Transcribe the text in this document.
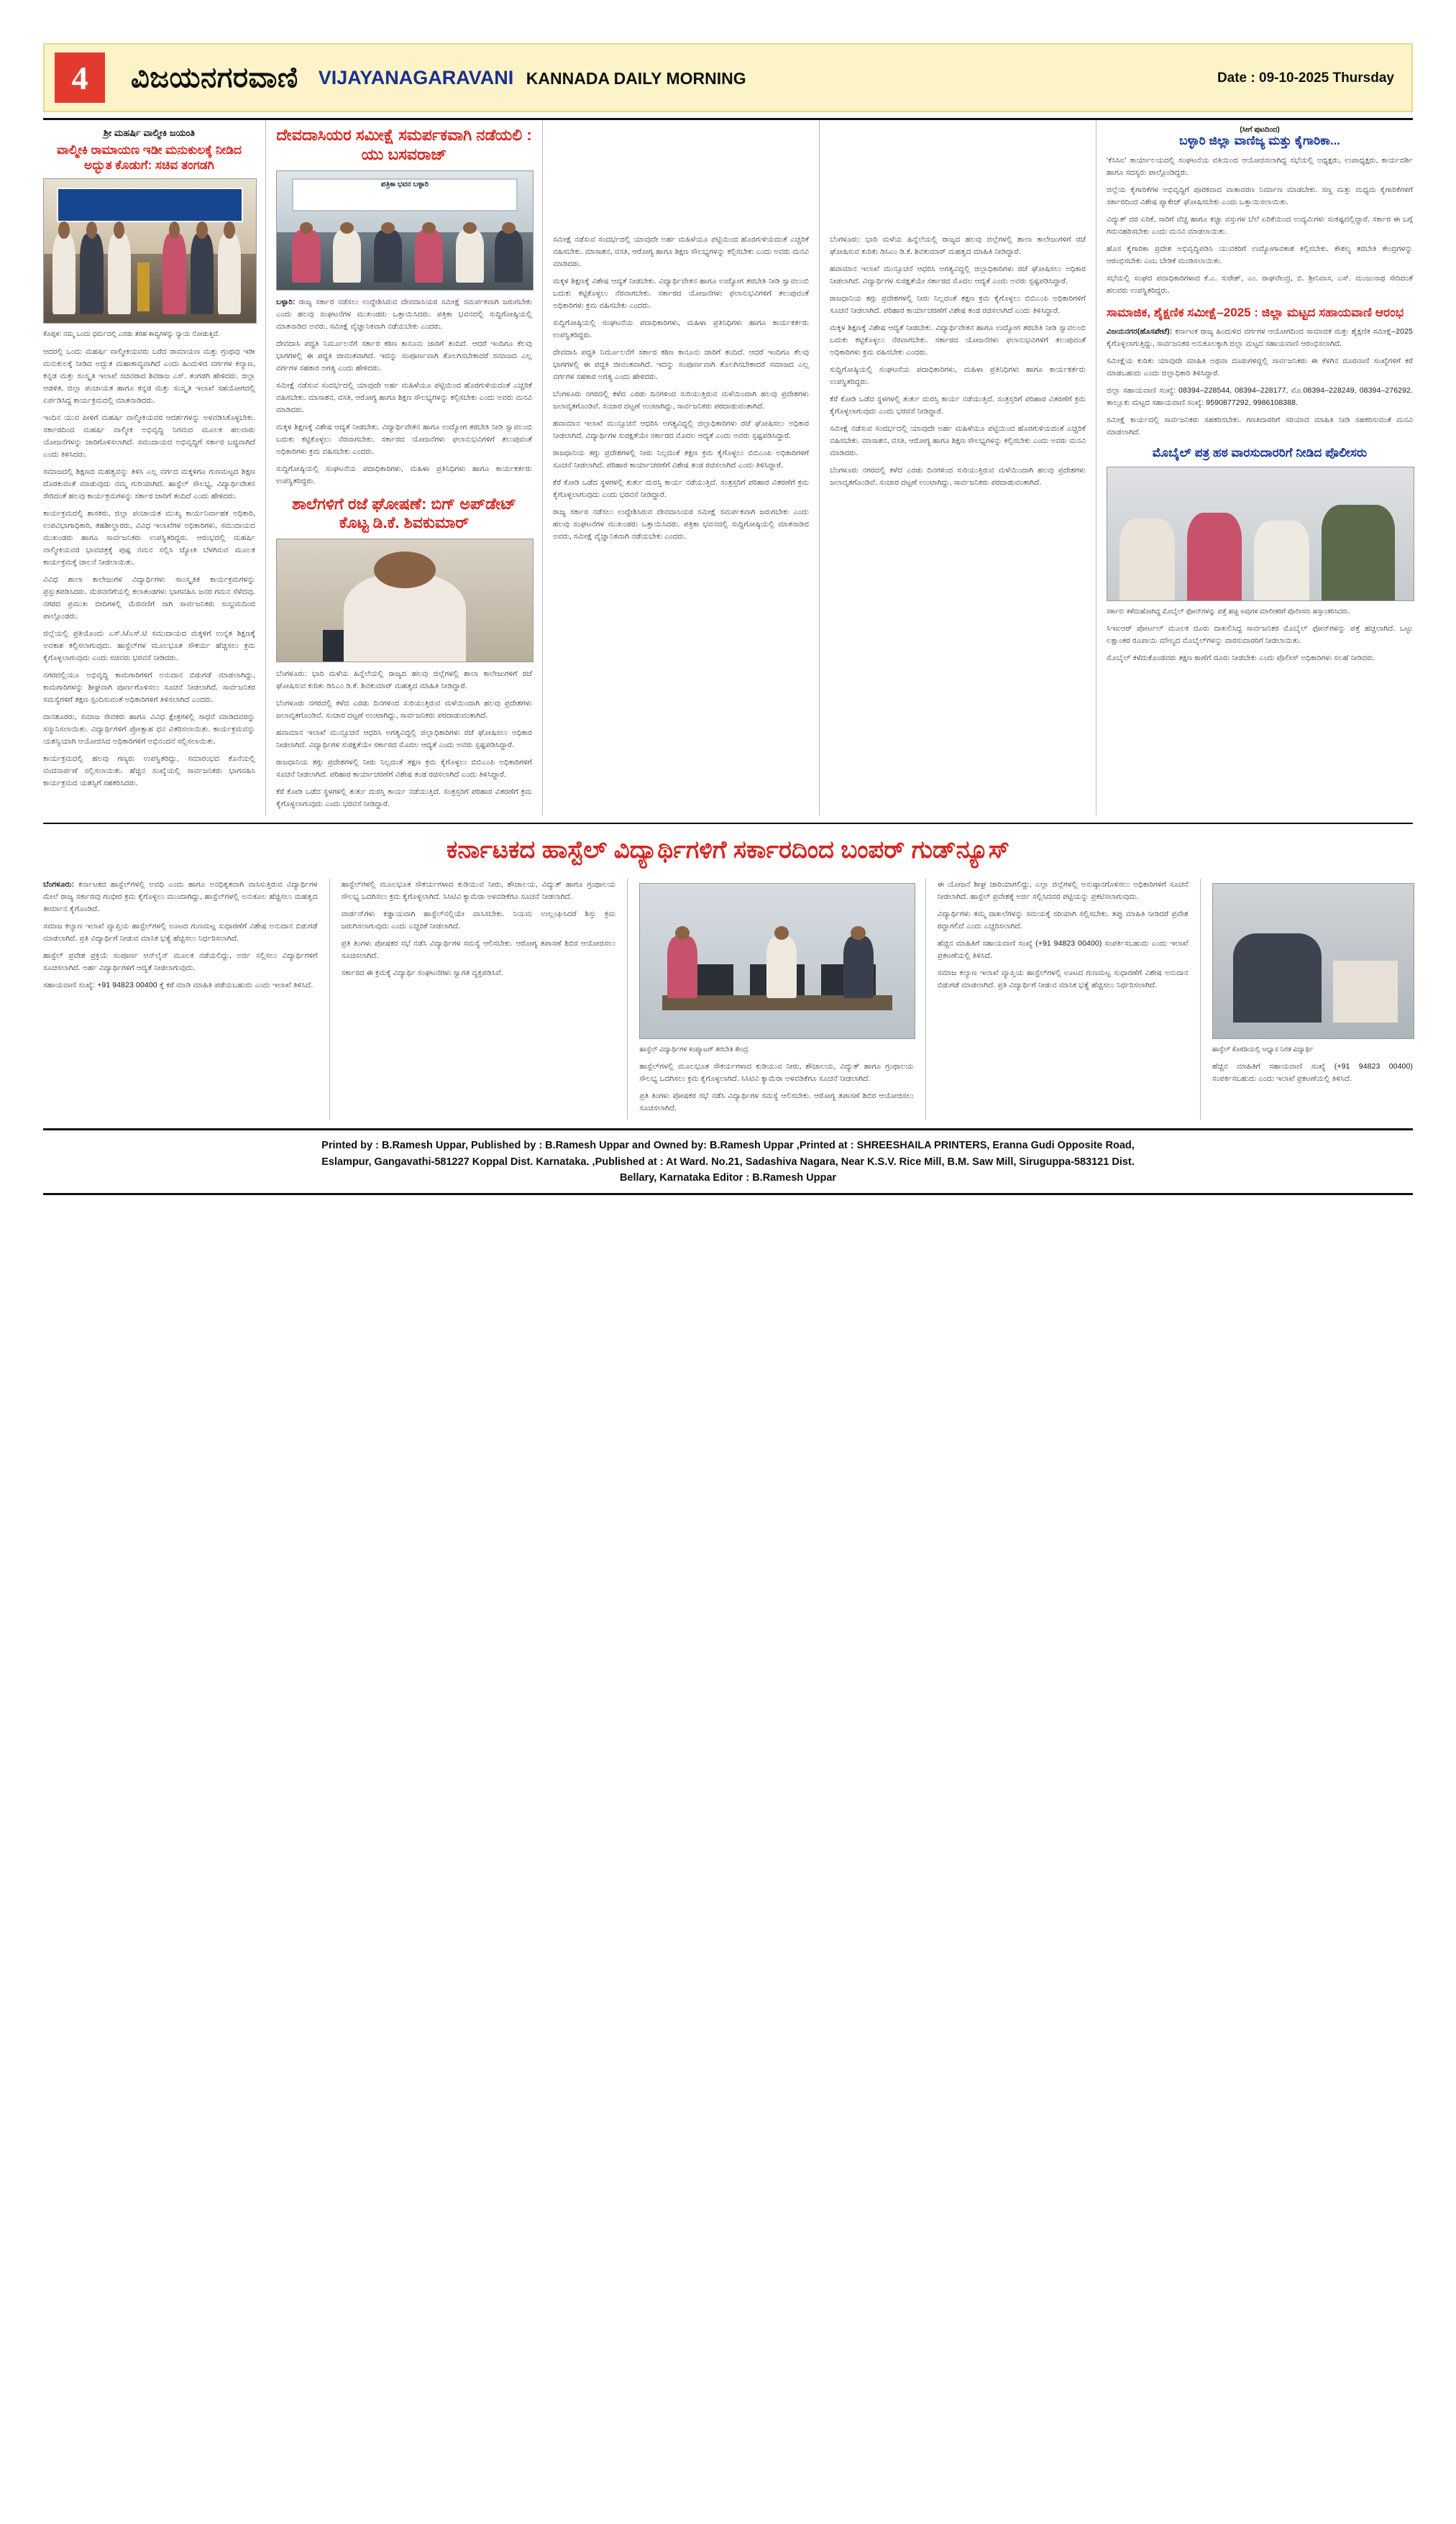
4	ವಿಜಯನಗರವಾಣಿ VIJAYANAGARAVANI KANNADA DAILY MORNING	Date : 09-10-2025 Thursday
ಶ್ರೀ ಮಹರ್ಷಿ ವಾಲ್ಮೀಕಿ ಜಯಂತಿ
ವಾಲ್ಮೀಕಿ ರಾಮಾಯಣ ಇಡೀ ಮನುಕುಲಕ್ಕೆ ನೀಡಿದ ಅದ್ಭುತ ಕೊಡುಗೆ: ಸಚಿವ ತಂಗಡಗಿ
ಕೊಪ್ಪಳ: ನಮ್ಮ ಒಂದು ಧರ್ಮದಲ್ಲಿ ಎರಡು ತರಹ ಕಾವ್ಯಗಳನ್ನು ನ್ಯಾಯ ನೋಡುತ್ತಿದೆ.

ಆದರಲ್ಲಿ ಒಂದು ಮಹರ್ಷಿ ವಾಲ್ಮೀಕಿಯವರು ಬರೆದ ರಾಮಾಯಣ ಮತ್ತು ಗ್ರಂಥವು ಇಡೀ ಮನುಕುಲಕ್ಕೆ ನೀಡಿದ ಅದ್ಭುತ ಮಹಾಕಾವ್ಯವಾಗಿದೆ ಎಂದು ಹಿಂದುಳಿದ ವರ್ಗಗಳ ಕಲ್ಯಾಣ, ಕನ್ನಡ ಮತ್ತು ಸಂಸ್ಕೃತಿ ಇಲಾಖೆ ಸಚಿವರಾದ ಶಿವರಾಜ ಎಸ್. ತಂಗಡಗಿ ಹೇಳಿದರು. ಜಿಲ್ಲಾ ಆಡಳಿತ, ಜಿಲ್ಲಾ ಪಂಚಾಯತ ಹಾಗೂ ಕನ್ನಡ ಮತ್ತು ಸಂಸ್ಕೃತಿ ಇಲಾಖೆ ಸಹಯೋಗದಲ್ಲಿ ಏರ್ಪಡಿಸಿದ್ದ ಕಾರ್ಯಕ್ರಮದಲ್ಲಿ ಮಾತನಾಡಿದರು.

ಇಂದಿನ ಯುವ ಪೀಳಿಗೆ ಮಹರ್ಷಿ ವಾಲ್ಮೀಕಿಯವರ ಆದರ್ಶಗಳನ್ನು ಅಳವಡಿಸಿಕೊಳ್ಳಬೇಕು. ಸರ್ಕಾರದಿಂದ ಮಹರ್ಷಿ ವಾಲ್ಮೀಕಿ ಅಭಿವೃದ್ಧಿ ನಿಗಮದ ಮೂಲಕ ಹಲವಾರು ಯೋಜನೆಗಳನ್ನು ಜಾರಿಗೊಳಿಸಲಾಗಿದೆ. ಸಮುದಾಯದ ಅಭಿವೃದ್ಧಿಗೆ ಸರ್ಕಾರ ಬದ್ಧವಾಗಿದೆ ಎಂದು ತಿಳಿಸಿದರು.

ಸಮಾಜದಲ್ಲಿ ಶಿಕ್ಷಣದ ಮಹತ್ವವನ್ನು ತಿಳಿಸಿ ಎಲ್ಲ ವರ್ಗದ ಮಕ್ಕಳಿಗೂ ಗುಣಮಟ್ಟದ ಶಿಕ್ಷಣ ದೊರಕುವಂತೆ ಮಾಡುವುದು ನಮ್ಮ ಗುರಿಯಾಗಿದೆ. ಹಾಸ್ಟೆಲ್ ಸೌಲಭ್ಯ, ವಿದ್ಯಾರ್ಥಿವೇತನ ಸೇರಿದಂತೆ ಹಲವು ಕಾರ್ಯಕ್ರಮಗಳನ್ನು ಸರ್ಕಾರ ಜಾರಿಗೆ ತಂದಿದೆ ಎಂದು ಹೇಳಿದರು.

ಕಾರ್ಯಕ್ರಮದಲ್ಲಿ ಶಾಸಕರು, ಜಿಲ್ಲಾ ಪಂಚಾಯತ ಮುಖ್ಯ ಕಾರ್ಯನಿರ್ವಾಹಕ ಅಧಿಕಾರಿ, ಉಪವಿಭಾಗಾಧಿಕಾರಿ, ತಹಶೀಲ್ದಾರರು, ವಿವಿಧ ಇಲಾಖೆಗಳ ಅಧಿಕಾರಿಗಳು, ಸಮುದಾಯದ ಮುಖಂಡರು ಹಾಗೂ ಸಾರ್ವಜನಿಕರು ಉಪಸ್ಥಿತರಿದ್ದರು. ಆರಂಭದಲ್ಲಿ ಮಹರ್ಷಿ ವಾಲ್ಮೀಕಿಯವರ ಭಾವಚಿತ್ರಕ್ಕೆ ಪುಷ್ಪ ನಮನ ಸಲ್ಲಿಸಿ ಜ್ಯೋತಿ ಬೆಳಗಿಸುವ ಮೂಲಕ ಕಾರ್ಯಕ್ರಮಕ್ಕೆ ಚಾಲನೆ ನೀಡಲಾಯಿತು.

ವಿವಿಧ ಶಾಲಾ ಕಾಲೇಜುಗಳ ವಿದ್ಯಾರ್ಥಿಗಳು ಸಾಂಸ್ಕೃತಿಕ ಕಾರ್ಯಕ್ರಮಗಳನ್ನು ಪ್ರಸ್ತುತಪಡಿಸಿದರು. ಮೆರವಣಿಗೆಯಲ್ಲಿ ಕಲಾತಂಡಗಳು ಭಾಗವಹಿಸಿ ಜನರ ಗಮನ ಸೆಳೆದವು. ನಗರದ ಪ್ರಮುಖ ಬೀದಿಗಳಲ್ಲಿ ಮೆರವಣಿಗೆ ಸಾಗಿ ಸಾರ್ವಜನಿಕರು ಸಂಭ್ರಮದಿಂದ ಪಾಲ್ಗೊಂಡರು.

ಜಿಲ್ಲೆಯಲ್ಲಿ ಪ್ರತಿಯೊಂದು ಎಸ್.ಸಿ/ಎಸ್.ಟಿ ಸಮುದಾಯದ ಮಕ್ಕಳಿಗೆ ಉನ್ನತ ಶಿಕ್ಷಣಕ್ಕೆ ಅವಕಾಶ ಕಲ್ಪಿಸಲಾಗುವುದು. ಹಾಸ್ಟೆಲ್‌ಗಳ ಮೂಲಭೂತ ಸೌಕರ್ಯ ಹೆಚ್ಚಿಸಲು ಕ್ರಮ ಕೈಗೊಳ್ಳಲಾಗುವುದು ಎಂದು ಸಚಿವರು ಭರವಸೆ ನೀಡಿದರು.

ನಗರದಲ್ಲಿಯೂ ಅಭಿವೃದ್ಧಿ ಕಾಮಗಾರಿಗಳಿಗೆ ಅನುದಾನ ಬಿಡುಗಡೆ ಮಾಡಲಾಗಿದ್ದು, ಕಾಮಗಾರಿಗಳನ್ನು ಶೀಘ್ರವಾಗಿ ಪೂರ್ಣಗೊಳಿಸಲು ಸೂಚನೆ ನೀಡಲಾಗಿದೆ. ಸಾರ್ವಜನಿಕರ ಸಮಸ್ಯೆಗಳಿಗೆ ತಕ್ಷಣ ಸ್ಪಂದಿಸುವಂತೆ ಅಧಿಕಾರಿಗಳಿಗೆ ತಿಳಿಸಲಾಗಿದೆ ಎಂದರು.

ದಾನಶೂರರು, ಸಮಾಜ ಸೇವಕರು ಹಾಗೂ ವಿವಿಧ ಕ್ಷೇತ್ರಗಳಲ್ಲಿ ಸಾಧನೆ ಮಾಡಿದವರನ್ನು ಸನ್ಮಾನಿಸಲಾಯಿತು. ವಿದ್ಯಾರ್ಥಿಗಳಿಗೆ ಪ್ರೋತ್ಸಾಹ ಧನ ವಿತರಿಸಲಾಯಿತು. ಕಾರ್ಯಕ್ರಮವನ್ನು ಯಶಸ್ವಿಯಾಗಿ ಆಯೋಜಿಸಿದ ಅಧಿಕಾರಿಗಳಿಗೆ ಅಭಿನಂದನೆ ಸಲ್ಲಿಸಲಾಯಿತು.

ಕಾರ್ಯಕ್ರಮದಲ್ಲಿ ಹಲವು ಗಣ್ಯರು ಉಪಸ್ಥಿತರಿದ್ದು, ಸಮಾರಂಭದ ಕೊನೆಯಲ್ಲಿ ವಂದನಾರ್ಪಣೆ ಸಲ್ಲಿಸಲಾಯಿತು. ಹೆಚ್ಚಿನ ಸಂಖ್ಯೆಯಲ್ಲಿ ಸಾರ್ವಜನಿಕರು ಭಾಗವಹಿಸಿ ಕಾರ್ಯಕ್ರಮದ ಯಶಸ್ಸಿಗೆ ಸಹಕರಿಸಿದರು.

ದೇವದಾಸಿಯರ ಸಮೀಕ್ಷೆ ಸಮರ್ಪಕವಾಗಿ ನಡೆಯಲಿ : ಯು ಬಸವರಾಜ್
ಪತ್ರಿಕಾ ಭವನ ಬಳ್ಳಾರಿ

ಬಳ್ಳಾರಿ: ರಾಜ್ಯ ಸರ್ಕಾರ ನಡೆಸಲು ಉದ್ದೇಶಿಸಿರುವ ದೇವದಾಸಿಯರ ಸಮೀಕ್ಷೆ ಸಮರ್ಪಕವಾಗಿ ಜರುಗಬೇಕು ಎಂದು ಹಲವು ಸಂಘಟನೆಗಳ ಮುಖಂಡರು ಒತ್ತಾಯಿಸಿದರು. ಪತ್ರಿಕಾ ಭವನದಲ್ಲಿ ಸುದ್ದಿಗೋಷ್ಠಿಯಲ್ಲಿ ಮಾತನಾಡಿದ ಅವರು, ಸಮೀಕ್ಷೆ ವೈಜ್ಞಾನಿಕವಾಗಿ ನಡೆಯಬೇಕು ಎಂದರು.

ದೇವದಾಸಿ ಪದ್ಧತಿ ನಿರ್ಮೂಲನೆಗೆ ಸರ್ಕಾರ ಕಠಿಣ ಕಾನೂನು ಜಾರಿಗೆ ತಂದಿದೆ. ಆದರೆ ಇಂದಿಗೂ ಕೆಲವು ಭಾಗಗಳಲ್ಲಿ ಈ ಪದ್ಧತಿ ಜೀವಂತವಾಗಿದೆ. ಇದನ್ನು ಸಂಪೂರ್ಣವಾಗಿ ತೊಲಗಿಸಬೇಕಾದರೆ ಸಮಾಜದ ಎಲ್ಲ ವರ್ಗಗಳ ಸಹಕಾರ ಅಗತ್ಯ ಎಂದು ಹೇಳಿದರು.

ಸಮೀಕ್ಷೆ ನಡೆಸುವ ಸಂದರ್ಭದಲ್ಲಿ ಯಾವುದೇ ಅರ್ಹ ಮಹಿಳೆಯೂ ಪಟ್ಟಿಯಿಂದ ಹೊರಗುಳಿಯದಂತೆ ಎಚ್ಚರಿಕೆ ವಹಿಸಬೇಕು. ಮಾಸಾಶನ, ವಸತಿ, ಆರೋಗ್ಯ ಹಾಗೂ ಶಿಕ್ಷಣ ಸೌಲಭ್ಯಗಳನ್ನು ಕಲ್ಪಿಸಬೇಕು ಎಂದು ಅವರು ಮನವಿ ಮಾಡಿದರು.

ಮಕ್ಕಳ ಶಿಕ್ಷಣಕ್ಕೆ ವಿಶೇಷ ಆದ್ಯತೆ ನೀಡಬೇಕು. ವಿದ್ಯಾರ್ಥಿವೇತನ ಹಾಗೂ ಉದ್ಯೋಗ ತರಬೇತಿ ನೀಡಿ ಸ್ವಾವಲಂಬಿ ಬದುಕು ಕಟ್ಟಿಕೊಳ್ಳಲು ನೆರವಾಗಬೇಕು. ಸರ್ಕಾರದ ಯೋಜನೆಗಳು ಫಲಾನುಭವಿಗಳಿಗೆ ತಲುಪುವಂತೆ ಅಧಿಕಾರಿಗಳು ಕ್ರಮ ವಹಿಸಬೇಕು ಎಂದರು.

ಸುದ್ದಿಗೋಷ್ಠಿಯಲ್ಲಿ ಸಂಘಟನೆಯ ಪದಾಧಿಕಾರಿಗಳು, ಮಹಿಳಾ ಪ್ರತಿನಿಧಿಗಳು ಹಾಗೂ ಕಾರ್ಯಕರ್ತರು ಉಪಸ್ಥಿತರಿದ್ದರು.

ಶಾಲೆಗಳಿಗೆ ರಜೆ ಘೋಷಣೆ: ಬಿಗ್ ಅಪ್‌ಡೇಟ್ ಕೊಟ್ಟ ಡಿ.ಕೆ. ಶಿವಕುಮಾರ್

ಬೆಂಗಳೂರು: ಭಾರಿ ಮಳೆಯ ಹಿನ್ನೆಲೆಯಲ್ಲಿ ರಾಜ್ಯದ ಹಲವು ಜಿಲ್ಲೆಗಳಲ್ಲಿ ಶಾಲಾ ಕಾಲೇಜುಗಳಿಗೆ ರಜೆ ಘೋಷಿಸುವ ಕುರಿತು ಡಿಸಿಎಂ ಡಿ.ಕೆ. ಶಿವಕುಮಾರ್ ಮಹತ್ವದ ಮಾಹಿತಿ ನೀಡಿದ್ದಾರೆ.

ಬೆಂಗಳೂರು ನಗರದಲ್ಲಿ ಕಳೆದ ಎರಡು ದಿನಗಳಿಂದ ಸುರಿಯುತ್ತಿರುವ ಮಳೆಯಿಂದಾಗಿ ಹಲವು ಪ್ರದೇಶಗಳು ಜಲಾವೃತಗೊಂಡಿವೆ. ಸಂಚಾರ ದಟ್ಟಣೆ ಉಂಟಾಗಿದ್ದು, ಸಾರ್ವಜನಿಕರು ಪರದಾಡುವಂತಾಗಿದೆ.

ಹವಾಮಾನ ಇಲಾಖೆ ಮುನ್ಸೂಚನೆ ಆಧರಿಸಿ ಅಗತ್ಯವಿದ್ದಲ್ಲಿ ಜಿಲ್ಲಾಧಿಕಾರಿಗಳು ರಜೆ ಘೋಷಿಸಲು ಅಧಿಕಾರ ನೀಡಲಾಗಿದೆ. ವಿದ್ಯಾರ್ಥಿಗಳ ಸುರಕ್ಷತೆಯೇ ಸರ್ಕಾರದ ಮೊದಲ ಆದ್ಯತೆ ಎಂದು ಅವರು ಸ್ಪಷ್ಟಪಡಿಸಿದ್ದಾರೆ.

ರಾಜಧಾನಿಯ ತಗ್ಗು ಪ್ರದೇಶಗಳಲ್ಲಿ ನೀರು ನಿಲ್ಲದಂತೆ ತಕ್ಷಣ ಕ್ರಮ ಕೈಗೊಳ್ಳಲು ಬಿಬಿಎಂಪಿ ಅಧಿಕಾರಿಗಳಿಗೆ ಸೂಚನೆ ನೀಡಲಾಗಿದೆ. ಪರಿಹಾರ ಕಾರ್ಯಾಚರಣೆಗೆ ವಿಶೇಷ ತಂಡ ರಚಿಸಲಾಗಿದೆ ಎಂದು ತಿಳಿಸಿದ್ದಾರೆ.

ಕೆರೆ ಕೋಡಿ ಒಡೆದ ಸ್ಥಳಗಳಲ್ಲಿ ತುರ್ತು ದುರಸ್ತಿ ಕಾರ್ಯ ನಡೆಯುತ್ತಿದೆ. ಸಂತ್ರಸ್ತರಿಗೆ ಪರಿಹಾರ ವಿತರಣೆಗೆ ಕ್ರಮ ಕೈಗೊಳ್ಳಲಾಗುವುದು ಎಂದು ಭರವಸೆ ನೀಡಿದ್ದಾರೆ.

ಸಮೀಕ್ಷೆ ನಡೆಸುವ ಸಂದರ್ಭದಲ್ಲಿ ಯಾವುದೇ ಅರ್ಹ ಮಹಿಳೆಯೂ ಪಟ್ಟಿಯಿಂದ ಹೊರಗುಳಿಯದಂತೆ ಎಚ್ಚರಿಕೆ ವಹಿಸಬೇಕು. ಮಾಸಾಶನ, ವಸತಿ, ಆರೋಗ್ಯ ಹಾಗೂ ಶಿಕ್ಷಣ ಸೌಲಭ್ಯಗಳನ್ನು ಕಲ್ಪಿಸಬೇಕು ಎಂದು ಅವರು ಮನವಿ ಮಾಡಿದರು.

ಮಕ್ಕಳ ಶಿಕ್ಷಣಕ್ಕೆ ವಿಶೇಷ ಆದ್ಯತೆ ನೀಡಬೇಕು. ವಿದ್ಯಾರ್ಥಿವೇತನ ಹಾಗೂ ಉದ್ಯೋಗ ತರಬೇತಿ ನೀಡಿ ಸ್ವಾವಲಂಬಿ ಬದುಕು ಕಟ್ಟಿಕೊಳ್ಳಲು ನೆರವಾಗಬೇಕು. ಸರ್ಕಾರದ ಯೋಜನೆಗಳು ಫಲಾನುಭವಿಗಳಿಗೆ ತಲುಪುವಂತೆ ಅಧಿಕಾರಿಗಳು ಕ್ರಮ ವಹಿಸಬೇಕು ಎಂದರು.

ಸುದ್ದಿಗೋಷ್ಠಿಯಲ್ಲಿ ಸಂಘಟನೆಯ ಪದಾಧಿಕಾರಿಗಳು, ಮಹಿಳಾ ಪ್ರತಿನಿಧಿಗಳು ಹಾಗೂ ಕಾರ್ಯಕರ್ತರು ಉಪಸ್ಥಿತರಿದ್ದರು.

ದೇವದಾಸಿ ಪದ್ಧತಿ ನಿರ್ಮೂಲನೆಗೆ ಸರ್ಕಾರ ಕಠಿಣ ಕಾನೂನು ಜಾರಿಗೆ ತಂದಿದೆ. ಆದರೆ ಇಂದಿಗೂ ಕೆಲವು ಭಾಗಗಳಲ್ಲಿ ಈ ಪದ್ಧತಿ ಜೀವಂತವಾಗಿದೆ. ಇದನ್ನು ಸಂಪೂರ್ಣವಾಗಿ ತೊಲಗಿಸಬೇಕಾದರೆ ಸಮಾಜದ ಎಲ್ಲ ವರ್ಗಗಳ ಸಹಕಾರ ಅಗತ್ಯ ಎಂದು ಹೇಳಿದರು.

ಬೆಂಗಳೂರು ನಗರದಲ್ಲಿ ಕಳೆದ ಎರಡು ದಿನಗಳಿಂದ ಸುರಿಯುತ್ತಿರುವ ಮಳೆಯಿಂದಾಗಿ ಹಲವು ಪ್ರದೇಶಗಳು ಜಲಾವೃತಗೊಂಡಿವೆ. ಸಂಚಾರ ದಟ್ಟಣೆ ಉಂಟಾಗಿದ್ದು, ಸಾರ್ವಜನಿಕರು ಪರದಾಡುವಂತಾಗಿದೆ.

ಹವಾಮಾನ ಇಲಾಖೆ ಮುನ್ಸೂಚನೆ ಆಧರಿಸಿ ಅಗತ್ಯವಿದ್ದಲ್ಲಿ ಜಿಲ್ಲಾಧಿಕಾರಿಗಳು ರಜೆ ಘೋಷಿಸಲು ಅಧಿಕಾರ ನೀಡಲಾಗಿದೆ. ವಿದ್ಯಾರ್ಥಿಗಳ ಸುರಕ್ಷತೆಯೇ ಸರ್ಕಾರದ ಮೊದಲ ಆದ್ಯತೆ ಎಂದು ಅವರು ಸ್ಪಷ್ಟಪಡಿಸಿದ್ದಾರೆ.

ರಾಜಧಾನಿಯ ತಗ್ಗು ಪ್ರದೇಶಗಳಲ್ಲಿ ನೀರು ನಿಲ್ಲದಂತೆ ತಕ್ಷಣ ಕ್ರಮ ಕೈಗೊಳ್ಳಲು ಬಿಬಿಎಂಪಿ ಅಧಿಕಾರಿಗಳಿಗೆ ಸೂಚನೆ ನೀಡಲಾಗಿದೆ. ಪರಿಹಾರ ಕಾರ್ಯಾಚರಣೆಗೆ ವಿಶೇಷ ತಂಡ ರಚಿಸಲಾಗಿದೆ ಎಂದು ತಿಳಿಸಿದ್ದಾರೆ.

ಕೆರೆ ಕೋಡಿ ಒಡೆದ ಸ್ಥಳಗಳಲ್ಲಿ ತುರ್ತು ದುರಸ್ತಿ ಕಾರ್ಯ ನಡೆಯುತ್ತಿದೆ. ಸಂತ್ರಸ್ತರಿಗೆ ಪರಿಹಾರ ವಿತರಣೆಗೆ ಕ್ರಮ ಕೈಗೊಳ್ಳಲಾಗುವುದು ಎಂದು ಭರವಸೆ ನೀಡಿದ್ದಾರೆ.

ರಾಜ್ಯ ಸರ್ಕಾರ ನಡೆಸಲು ಉದ್ದೇಶಿಸಿರುವ ದೇವದಾಸಿಯರ ಸಮೀಕ್ಷೆ ಸಮರ್ಪಕವಾಗಿ ಜರುಗಬೇಕು ಎಂದು ಹಲವು ಸಂಘಟನೆಗಳ ಮುಖಂಡರು ಒತ್ತಾಯಿಸಿದರು. ಪತ್ರಿಕಾ ಭವನದಲ್ಲಿ ಸುದ್ದಿಗೋಷ್ಠಿಯಲ್ಲಿ ಮಾತನಾಡಿದ ಅವರು, ಸಮೀಕ್ಷೆ ವೈಜ್ಞಾನಿಕವಾಗಿ ನಡೆಯಬೇಕು ಎಂದರು.

ಬೆಂಗಳೂರು: ಭಾರಿ ಮಳೆಯ ಹಿನ್ನೆಲೆಯಲ್ಲಿ ರಾಜ್ಯದ ಹಲವು ಜಿಲ್ಲೆಗಳಲ್ಲಿ ಶಾಲಾ ಕಾಲೇಜುಗಳಿಗೆ ರಜೆ ಘೋಷಿಸುವ ಕುರಿತು ಡಿಸಿಎಂ ಡಿ.ಕೆ. ಶಿವಕುಮಾರ್ ಮಹತ್ವದ ಮಾಹಿತಿ ನೀಡಿದ್ದಾರೆ.

ಹವಾಮಾನ ಇಲಾಖೆ ಮುನ್ಸೂಚನೆ ಆಧರಿಸಿ ಅಗತ್ಯವಿದ್ದಲ್ಲಿ ಜಿಲ್ಲಾಧಿಕಾರಿಗಳು ರಜೆ ಘೋಷಿಸಲು ಅಧಿಕಾರ ನೀಡಲಾಗಿದೆ. ವಿದ್ಯಾರ್ಥಿಗಳ ಸುರಕ್ಷತೆಯೇ ಸರ್ಕಾರದ ಮೊದಲ ಆದ್ಯತೆ ಎಂದು ಅವರು ಸ್ಪಷ್ಟಪಡಿಸಿದ್ದಾರೆ.

ರಾಜಧಾನಿಯ ತಗ್ಗು ಪ್ರದೇಶಗಳಲ್ಲಿ ನೀರು ನಿಲ್ಲದಂತೆ ತಕ್ಷಣ ಕ್ರಮ ಕೈಗೊಳ್ಳಲು ಬಿಬಿಎಂಪಿ ಅಧಿಕಾರಿಗಳಿಗೆ ಸೂಚನೆ ನೀಡಲಾಗಿದೆ. ಪರಿಹಾರ ಕಾರ್ಯಾಚರಣೆಗೆ ವಿಶೇಷ ತಂಡ ರಚಿಸಲಾಗಿದೆ ಎಂದು ತಿಳಿಸಿದ್ದಾರೆ.

ಮಕ್ಕಳ ಶಿಕ್ಷಣಕ್ಕೆ ವಿಶೇಷ ಆದ್ಯತೆ ನೀಡಬೇಕು. ವಿದ್ಯಾರ್ಥಿವೇತನ ಹಾಗೂ ಉದ್ಯೋಗ ತರಬೇತಿ ನೀಡಿ ಸ್ವಾವಲಂಬಿ ಬದುಕು ಕಟ್ಟಿಕೊಳ್ಳಲು ನೆರವಾಗಬೇಕು. ಸರ್ಕಾರದ ಯೋಜನೆಗಳು ಫಲಾನುಭವಿಗಳಿಗೆ ತಲುಪುವಂತೆ ಅಧಿಕಾರಿಗಳು ಕ್ರಮ ವಹಿಸಬೇಕು ಎಂದರು.

ಸುದ್ದಿಗೋಷ್ಠಿಯಲ್ಲಿ ಸಂಘಟನೆಯ ಪದಾಧಿಕಾರಿಗಳು, ಮಹಿಳಾ ಪ್ರತಿನಿಧಿಗಳು ಹಾಗೂ ಕಾರ್ಯಕರ್ತರು ಉಪಸ್ಥಿತರಿದ್ದರು.

ಕೆರೆ ಕೋಡಿ ಒಡೆದ ಸ್ಥಳಗಳಲ್ಲಿ ತುರ್ತು ದುರಸ್ತಿ ಕಾರ್ಯ ನಡೆಯುತ್ತಿದೆ. ಸಂತ್ರಸ್ತರಿಗೆ ಪರಿಹಾರ ವಿತರಣೆಗೆ ಕ್ರಮ ಕೈಗೊಳ್ಳಲಾಗುವುದು ಎಂದು ಭರವಸೆ ನೀಡಿದ್ದಾರೆ.

ಸಮೀಕ್ಷೆ ನಡೆಸುವ ಸಂದರ್ಭದಲ್ಲಿ ಯಾವುದೇ ಅರ್ಹ ಮಹಿಳೆಯೂ ಪಟ್ಟಿಯಿಂದ ಹೊರಗುಳಿಯದಂತೆ ಎಚ್ಚರಿಕೆ ವಹಿಸಬೇಕು. ಮಾಸಾಶನ, ವಸತಿ, ಆರೋಗ್ಯ ಹಾಗೂ ಶಿಕ್ಷಣ ಸೌಲಭ್ಯಗಳನ್ನು ಕಲ್ಪಿಸಬೇಕು ಎಂದು ಅವರು ಮನವಿ ಮಾಡಿದರು.

ಬೆಂಗಳೂರು ನಗರದಲ್ಲಿ ಕಳೆದ ಎರಡು ದಿನಗಳಿಂದ ಸುರಿಯುತ್ತಿರುವ ಮಳೆಯಿಂದಾಗಿ ಹಲವು ಪ್ರದೇಶಗಳು ಜಲಾವೃತಗೊಂಡಿವೆ. ಸಂಚಾರ ದಟ್ಟಣೆ ಉಂಟಾಗಿದ್ದು, ಸಾರ್ವಜನಿಕರು ಪರದಾಡುವಂತಾಗಿದೆ.

(ಸೀಗೆ ಪುಟದಿಂದ)
ಬಳ್ಳಾರಿ ಜಿಲ್ಲಾ ವಾಣಿಜ್ಯ ಮತ್ತು ಕೈಗಾರಿಕಾ...

'ಕೆಸಿಸಿಐ' ಕಾರ್ಯಾಲಯದಲ್ಲಿ ಸಂಘಟನೆಯ ವತಿಯಿಂದ ಆಯೋಜಿಸಲಾಗಿದ್ದ ಸಭೆಯಲ್ಲಿ ಅಧ್ಯಕ್ಷರು, ಉಪಾಧ್ಯಕ್ಷರು, ಕಾರ್ಯದರ್ಶಿ ಹಾಗೂ ಸದಸ್ಯರು ಪಾಲ್ಗೊಂಡಿದ್ದರು.

ಜಿಲ್ಲೆಯ ಕೈಗಾರಿಕೆಗಳ ಅಭಿವೃದ್ಧಿಗೆ ಪೂರಕವಾದ ವಾತಾವರಣ ನಿರ್ಮಾಣ ಮಾಡಬೇಕು. ಸಣ್ಣ ಮತ್ತು ಮಧ್ಯಮ ಕೈಗಾರಿಕೆಗಳಿಗೆ ಸರ್ಕಾರದಿಂದ ವಿಶೇಷ ಪ್ಯಾಕೇಜ್ ಘೋಷಿಸಬೇಕು ಎಂದು ಒತ್ತಾಯಿಸಲಾಯಿತು.

ವಿದ್ಯುತ್ ದರ ಏರಿಕೆ, ಸಾರಿಗೆ ವೆಚ್ಚ ಹಾಗೂ ಕಚ್ಚಾ ವಸ್ತುಗಳ ಬೆಲೆ ಏರಿಕೆಯಿಂದ ಉದ್ಯಮಿಗಳು ಸಂಕಷ್ಟದಲ್ಲಿದ್ದಾರೆ. ಸರ್ಕಾರ ಈ ಬಗ್ಗೆ ಗಮನಹರಿಸಬೇಕು ಎಂದು ಮನವಿ ಮಾಡಲಾಯಿತು.

ಹೊಸ ಕೈಗಾರಿಕಾ ಪ್ರದೇಶ ಅಭಿವೃದ್ಧಿಪಡಿಸಿ ಯುವಕರಿಗೆ ಉದ್ಯೋಗಾವಕಾಶ ಕಲ್ಪಿಸಬೇಕು. ಕೌಶಲ್ಯ ತರಬೇತಿ ಕೇಂದ್ರಗಳನ್ನು ಆರಂಭಿಸಬೇಕು ಎಂಬ ಬೇಡಿಕೆ ಮಂಡಿಸಲಾಯಿತು.

ಸಭೆಯಲ್ಲಿ ಸಂಘದ ಪದಾಧಿಕಾರಿಗಳಾದ ಕೆ.ಎ. ಸುರೇಶ್, ಎಂ. ರಾಘವೇಂದ್ರ, ಬಿ. ಶ್ರೀನಿವಾಸ, ಎಸ್. ಮಂಜುನಾಥ ಸೇರಿದಂತೆ ಹಲವರು ಉಪಸ್ಥಿತರಿದ್ದರು.

ಸಾಮಾಜಿಕ, ಶೈಕ್ಷಣಿಕ ಸಮೀಕ್ಷೆ–2025 : ಜಿಲ್ಲಾ ಮಟ್ಟದ ಸಹಾಯವಾಣಿ ಆರಂಭ

ವಿಜಯನಗರ(ಹೊಸಪೇಟೆ): ಕರ್ನಾಟಕ ರಾಜ್ಯ ಹಿಂದುಳಿದ ವರ್ಗಗಳ ಆಯೋಗದಿಂದ ಸಾಮಾಜಿಕ ಮತ್ತು ಶೈಕ್ಷಣಿಕ ಸಮೀಕ್ಷೆ–2025 ಕೈಗೊಳ್ಳಲಾಗುತ್ತಿದ್ದು, ಸಾರ್ವಜನಿಕರ ಅನುಕೂಲಕ್ಕಾಗಿ ಜಿಲ್ಲಾ ಮಟ್ಟದ ಸಹಾಯವಾಣಿ ಆರಂಭಿಸಲಾಗಿದೆ.

ಸಮೀಕ್ಷೆಯ ಕುರಿತು ಯಾವುದೇ ಮಾಹಿತಿ ಅಥವಾ ದೂರುಗಳಿದ್ದಲ್ಲಿ ಸಾರ್ವಜನಿಕರು ಈ ಕೆಳಗಿನ ದೂರವಾಣಿ ಸಂಖ್ಯೆಗಳಿಗೆ ಕರೆ ಮಾಡಬಹುದು ಎಂದು ಜಿಲ್ಲಾಧಿಕಾರಿ ತಿಳಿಸಿದ್ದಾರೆ.

ಜಿಲ್ಲಾ ಸಹಾಯವಾಣಿ ಸಂಖ್ಯೆ: 08394–228544, 08394–228177, ಮೊ.08394–228249, 08394–276292. ತಾಲ್ಲೂಕು ಮಟ್ಟದ ಸಹಾಯವಾಣಿ ಸಂಖ್ಯೆ: 9590877292, 9986108388.

ಸಮೀಕ್ಷೆ ಕಾರ್ಯದಲ್ಲಿ ಸಾರ್ವಜನಿಕರು ಸಹಕರಿಸಬೇಕು. ಗಣತಿದಾರರಿಗೆ ಸರಿಯಾದ ಮಾಹಿತಿ ನೀಡಿ ಸಹಕರಿಸುವಂತೆ ಮನವಿ ಮಾಡಲಾಗಿದೆ.

ಮೊಬೈಲ್ ಪತ್ರ ಹಠ ವಾರಸುದಾರರಿಗೆ ನೀಡಿದ ಪೊಲೀಸರು
ಸರ್ಕಾರ: ಕಳೆದುಹೋಗಿದ್ದ ಮೊಬೈಲ್ ಫೋನ್‌ಗಳನ್ನು ಪತ್ತೆ ಹಚ್ಚಿ ಅವುಗಳ ಮಾಲೀಕರಿಗೆ ಪೊಲೀಸರು ಹಸ್ತಾಂತರಿಸಿದರು.

ಸಿಇಐಆರ್ ಪೋರ್ಟಲ್ ಮೂಲಕ ದೂರು ದಾಖಲಿಸಿದ್ದ ಸಾರ್ವಜನಿಕರ ಮೊಬೈಲ್ ಫೋನ್‌ಗಳನ್ನು ಪತ್ತೆ ಹಚ್ಚಲಾಗಿದೆ. ಒಟ್ಟು ಲಕ್ಷಾಂತರ ರೂಪಾಯಿ ಮೌಲ್ಯದ ಮೊಬೈಲ್‌ಗಳನ್ನು ವಾರಸುದಾರರಿಗೆ ನೀಡಲಾಯಿತು.

ಮೊಬೈಲ್ ಕಳೆದುಕೊಂಡವರು ತಕ್ಷಣ ಠಾಣೆಗೆ ದೂರು ನೀಡಬೇಕು ಎಂದು ಪೊಲೀಸ್ ಅಧಿಕಾರಿಗಳು ಸಲಹೆ ನೀಡಿದರು.

ಕರ್ನಾಟಕದ ಹಾಸ್ಟೆಲ್ ವಿದ್ಯಾರ್ಥಿಗಳಿಗೆ ಸರ್ಕಾರದಿಂದ ಬಂಪರ್ ಗುಡ್‌ನ್ಯೂಸ್

ಬೆಂಗಳೂರು: ಕರ್ನಾಟಕದ ಹಾಸ್ಟೆಲ್‌ಗಳಲ್ಲಿ ಅವಧಿ ಎಂದು ಹಾಗೂ ಅನಧಿಕೃತವಾಗಿ ವಾಸಿಸುತ್ತಿರುವ ವಿದ್ಯಾರ್ಥಿಗಳ ಮೇಲೆ ರಾಜ್ಯ ಸರ್ಕಾರವು ಗಂಭೀರ ಕ್ರಮ ಕೈಗೊಳ್ಳಲು ಮುಂದಾಗಿದ್ದು, ಹಾಸ್ಟೆಲ್‌ಗಳಲ್ಲಿ ಅನುಕೂಲ ಹೆಚ್ಚಿಸಲು ಮಹತ್ವದ ತೀರ್ಮಾನ ಕೈಗೊಂಡಿದೆ.

ಸಮಾಜ ಕಲ್ಯಾಣ ಇಲಾಖೆ ವ್ಯಾಪ್ತಿಯ ಹಾಸ್ಟೆಲ್‌ಗಳಲ್ಲಿ ಊಟದ ಗುಣಮಟ್ಟ ಸುಧಾರಣೆಗೆ ವಿಶೇಷ ಅನುದಾನ ಬಿಡುಗಡೆ ಮಾಡಲಾಗಿದೆ. ಪ್ರತಿ ವಿದ್ಯಾರ್ಥಿಗೆ ನೀಡುವ ಮಾಸಿಕ ಭತ್ಯೆ ಹೆಚ್ಚಿಸಲು ನಿರ್ಧರಿಸಲಾಗಿದೆ.

ಹಾಸ್ಟೆಲ್ ಪ್ರವೇಶ ಪ್ರಕ್ರಿಯೆ ಸಂಪೂರ್ಣ ಆನ್‌ಲೈನ್ ಮೂಲಕ ನಡೆಯಲಿದ್ದು, ಅರ್ಜಿ ಸಲ್ಲಿಸಲು ವಿದ್ಯಾರ್ಥಿಗಳಿಗೆ ಸೂಚಿಸಲಾಗಿದೆ. ಅರ್ಹ ವಿದ್ಯಾರ್ಥಿಗಳಿಗೆ ಆದ್ಯತೆ ನೀಡಲಾಗುವುದು.

ಸಹಾಯವಾಣಿ ಸಂಖ್ಯೆ: +91 94823 00400 ಕ್ಕೆ ಕರೆ ಮಾಡಿ ಮಾಹಿತಿ ಪಡೆಯಬಹುದು ಎಂದು ಇಲಾಖೆ ತಿಳಿಸಿದೆ.

ಹಾಸ್ಟೆಲ್‌ಗಳಲ್ಲಿ ಮೂಲಭೂತ ಸೌಕರ್ಯಗಳಾದ ಕುಡಿಯುವ ನೀರು, ಶೌಚಾಲಯ, ವಿದ್ಯುತ್ ಹಾಗೂ ಗ್ರಂಥಾಲಯ ಸೌಲಭ್ಯ ಒದಗಿಸಲು ಕ್ರಮ ಕೈಗೊಳ್ಳಲಾಗಿದೆ. ಸಿಸಿಟಿವಿ ಕ್ಯಾಮೆರಾ ಅಳವಡಿಕೆಗೂ ಸೂಚನೆ ನೀಡಲಾಗಿದೆ.

ವಾರ್ಡನ್‌ಗಳು ಕಡ್ಡಾಯವಾಗಿ ಹಾಸ್ಟೆಲ್‌ನಲ್ಲಿಯೇ ವಾಸಿಸಬೇಕು. ನಿಯಮ ಉಲ್ಲಂಘಿಸಿದರೆ ಶಿಸ್ತು ಕ್ರಮ ಜರುಗಿಸಲಾಗುವುದು ಎಂದು ಎಚ್ಚರಿಕೆ ನೀಡಲಾಗಿದೆ.

ಪ್ರತಿ ತಿಂಗಳು ಪೋಷಕರ ಸಭೆ ನಡೆಸಿ ವಿದ್ಯಾರ್ಥಿಗಳ ಸಮಸ್ಯೆ ಆಲಿಸಬೇಕು. ಆರೋಗ್ಯ ತಪಾಸಣೆ ಶಿಬಿರ ಆಯೋಜಿಸಲು ಸೂಚಿಸಲಾಗಿದೆ.

ಸರ್ಕಾರದ ಈ ಕ್ರಮಕ್ಕೆ ವಿದ್ಯಾರ್ಥಿ ಸಂಘಟನೆಗಳು ಸ್ವಾಗತ ವ್ಯಕ್ತಪಡಿಸಿವೆ.

ಹಾಸ್ಟೆಲ್ ವಿದ್ಯಾರ್ಥಿಗಳ ಕಂಪ್ಯೂಟರ್ ತರಬೇತಿ ಕೇಂದ್ರ

ಹಾಸ್ಟೆಲ್‌ಗಳಲ್ಲಿ ಮೂಲಭೂತ ಸೌಕರ್ಯಗಳಾದ ಕುಡಿಯುವ ನೀರು, ಶೌಚಾಲಯ, ವಿದ್ಯುತ್ ಹಾಗೂ ಗ್ರಂಥಾಲಯ ಸೌಲಭ್ಯ ಒದಗಿಸಲು ಕ್ರಮ ಕೈಗೊಳ್ಳಲಾಗಿದೆ. ಸಿಸಿಟಿವಿ ಕ್ಯಾಮೆರಾ ಅಳವಡಿಕೆಗೂ ಸೂಚನೆ ನೀಡಲಾಗಿದೆ.

ಪ್ರತಿ ತಿಂಗಳು ಪೋಷಕರ ಸಭೆ ನಡೆಸಿ ವಿದ್ಯಾರ್ಥಿಗಳ ಸಮಸ್ಯೆ ಆಲಿಸಬೇಕು. ಆರೋಗ್ಯ ತಪಾಸಣೆ ಶಿಬಿರ ಆಯೋಜಿಸಲು ಸೂಚಿಸಲಾಗಿದೆ.

ಈ ಯೋಜನೆ ಶೀಘ್ರ ಜಾರಿಯಾಗಲಿದ್ದು, ಎಲ್ಲಾ ಜಿಲ್ಲೆಗಳಲ್ಲಿ ಅನುಷ್ಠಾನಗೊಳಿಸಲು ಅಧಿಕಾರಿಗಳಿಗೆ ಸೂಚನೆ ನೀಡಲಾಗಿದೆ. ಹಾಸ್ಟೆಲ್ ಪ್ರವೇಶಕ್ಕೆ ಅರ್ಜಿ ಸಲ್ಲಿಸಿದವರ ಪಟ್ಟಿಯನ್ನು ಪ್ರಕಟಿಸಲಾಗುವುದು.

ವಿದ್ಯಾರ್ಥಿಗಳು ತಮ್ಮ ದಾಖಲೆಗಳನ್ನು ಸಮಯಕ್ಕೆ ಸರಿಯಾಗಿ ಸಲ್ಲಿಸಬೇಕು. ತಪ್ಪು ಮಾಹಿತಿ ನೀಡಿದರೆ ಪ್ರವೇಶ ರದ್ದಾಗಲಿದೆ ಎಂದು ಎಚ್ಚರಿಸಲಾಗಿದೆ.

ಹೆಚ್ಚಿನ ಮಾಹಿತಿಗೆ ಸಹಾಯವಾಣಿ ಸಂಖ್ಯೆ (+91 94823 00400) ಸಂಪರ್ಕಿಸಬಹುದು ಎಂದು ಇಲಾಖೆ ಪ್ರಕಟಣೆಯಲ್ಲಿ ತಿಳಿಸಿದೆ.

ಸಮಾಜ ಕಲ್ಯಾಣ ಇಲಾಖೆ ವ್ಯಾಪ್ತಿಯ ಹಾಸ್ಟೆಲ್‌ಗಳಲ್ಲಿ ಊಟದ ಗುಣಮಟ್ಟ ಸುಧಾರಣೆಗೆ ವಿಶೇಷ ಅನುದಾನ ಬಿಡುಗಡೆ ಮಾಡಲಾಗಿದೆ. ಪ್ರತಿ ವಿದ್ಯಾರ್ಥಿಗೆ ನೀಡುವ ಮಾಸಿಕ ಭತ್ಯೆ ಹೆಚ್ಚಿಸಲು ನಿರ್ಧರಿಸಲಾಗಿದೆ.

ಹಾಸ್ಟೆಲ್ ಕೊಠಡಿಯಲ್ಲಿ ಅಭ್ಯಾಸ ನಿರತ ವಿದ್ಯಾರ್ಥಿ

ಹೆಚ್ಚಿನ ಮಾಹಿತಿಗೆ ಸಹಾಯವಾಣಿ ಸಂಖ್ಯೆ (+91 94823 00400) ಸಂಪರ್ಕಿಸಬಹುದು ಎಂದು ಇಲಾಖೆ ಪ್ರಕಟಣೆಯಲ್ಲಿ ತಿಳಿಸಿದೆ.

Printed by : B.Ramesh Uppar, Published by : B.Ramesh Uppar and Owned by: B.Ramesh Uppar ,Printed at : SHREESHAILA PRINTERS, Eranna Gudi Opposite Road,
Eslampur, Gangavathi-581227 Koppal Dist. Karnataka. ,Published at : At Ward. No.21, Sadashiva Nagara, Near K.S.V. Rice Mill, B.M. Saw Mill, Siruguppa-583121 Dist.
Bellary, Karnataka Editor : B.Ramesh Uppar
